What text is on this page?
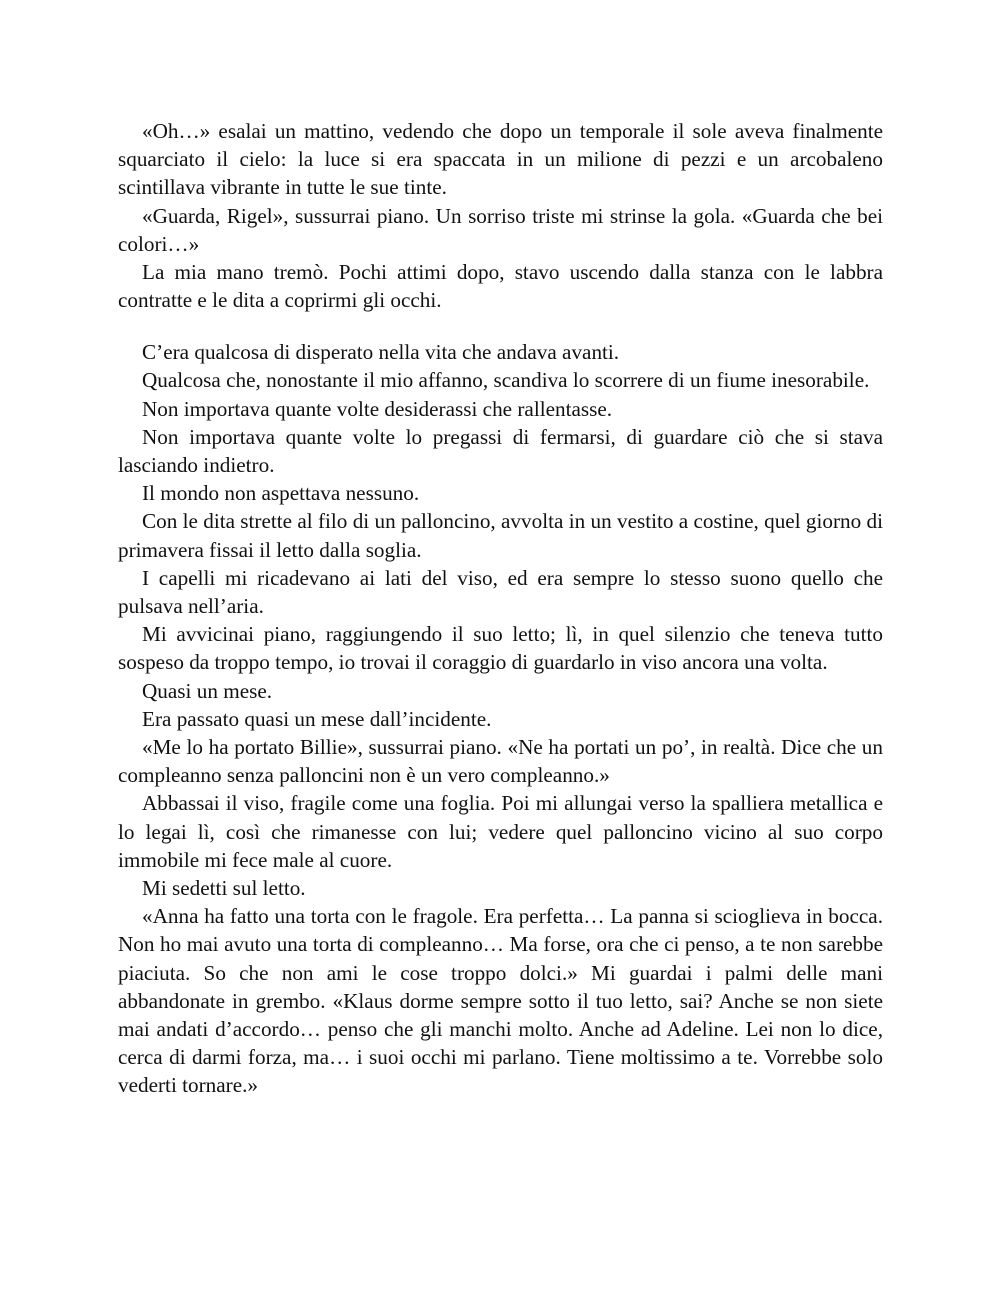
«Oh…» esalai un mattino, vedendo che dopo un temporale il sole aveva finalmente squarciato il cielo: la luce si era spaccata in un milione di pezzi e un arcobaleno scintillava vibrante in tutte le sue tinte.

«Guarda, Rigel», sussurrai piano. Un sorriso triste mi strinse la gola. «Guarda che bei colori…»

La mia mano tremò. Pochi attimi dopo, stavo uscendo dalla stanza con le labbra contratte e le dita a coprirmi gli occhi.

C’era qualcosa di disperato nella vita che andava avanti.

Qualcosa che, nonostante il mio affanno, scandiva lo scorrere di un fiume inesorabile.

Non importava quante volte desiderassi che rallentasse.

Non importava quante volte lo pregassi di fermarsi, di guardare ciò che si stava lasciando indietro.

Il mondo non aspettava nessuno.

Con le dita strette al filo di un palloncino, avvolta in un vestito a costine, quel giorno di primavera fissai il letto dalla soglia.

I capelli mi ricadevano ai lati del viso, ed era sempre lo stesso suono quello che pulsava nell’aria.

Mi avvicinai piano, raggiungendo il suo letto; lì, in quel silenzio che teneva tutto sospeso da troppo tempo, io trovai il coraggio di guardarlo in viso ancora una volta.

Quasi un mese.

Era passato quasi un mese dall’incidente.

«Me lo ha portato Billie», sussurrai piano. «Ne ha portati un po’, in realtà. Dice che un compleanno senza palloncini non è un vero compleanno.»

Abbassai il viso, fragile come una foglia. Poi mi allungai verso la spalliera metallica e lo legai lì, così che rimanesse con lui; vedere quel palloncino vicino al suo corpo immobile mi fece male al cuore.

Mi sedetti sul letto.

«Anna ha fatto una torta con le fragole. Era perfetta… La panna si scioglieva in bocca. Non ho mai avuto una torta di compleanno… Ma forse, ora che ci penso, a te non sarebbe piaciuta. So che non ami le cose troppo dolci.» Mi guardai i palmi delle mani abbandonate in grembo. «Klaus dorme sempre sotto il tuo letto, sai? Anche se non siete mai andati d’accordo… penso che gli manchi molto. Anche ad Adeline. Lei non lo dice, cerca di darmi forza, ma… i suoi occhi mi parlano. Tiene moltissimo a te. Vorrebbe solo vederti tornare.»
